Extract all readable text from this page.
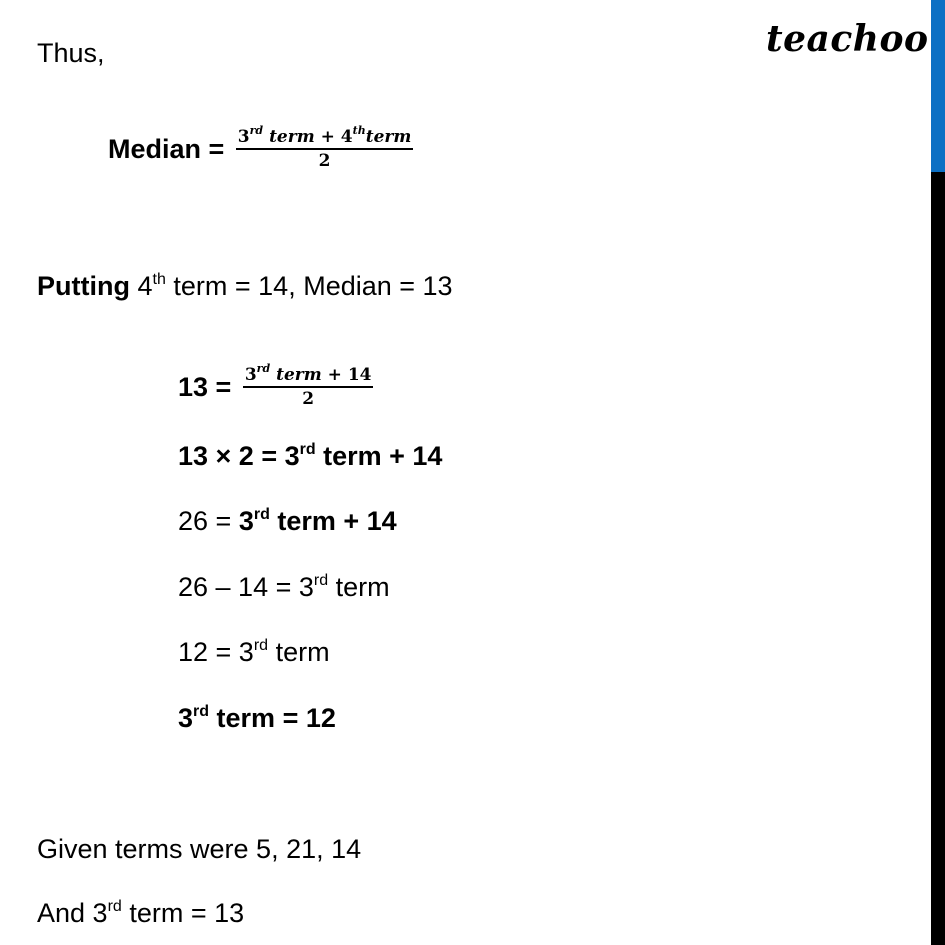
teachoo
Thus,
Median = $\frac{3^{rd} term + 4^{th}term}{2}$
Putting 4th term = 14, Median = 13
$13 = \frac{3^{rd} term + 14}{2}$
13 × 2 = 3rd term + 14
26 = 3rd term + 14
26 – 14 = 3rd term
12 = 3rd term
3rd term = 12
Given terms were 5, 21, 14
And 3rd term = 13
